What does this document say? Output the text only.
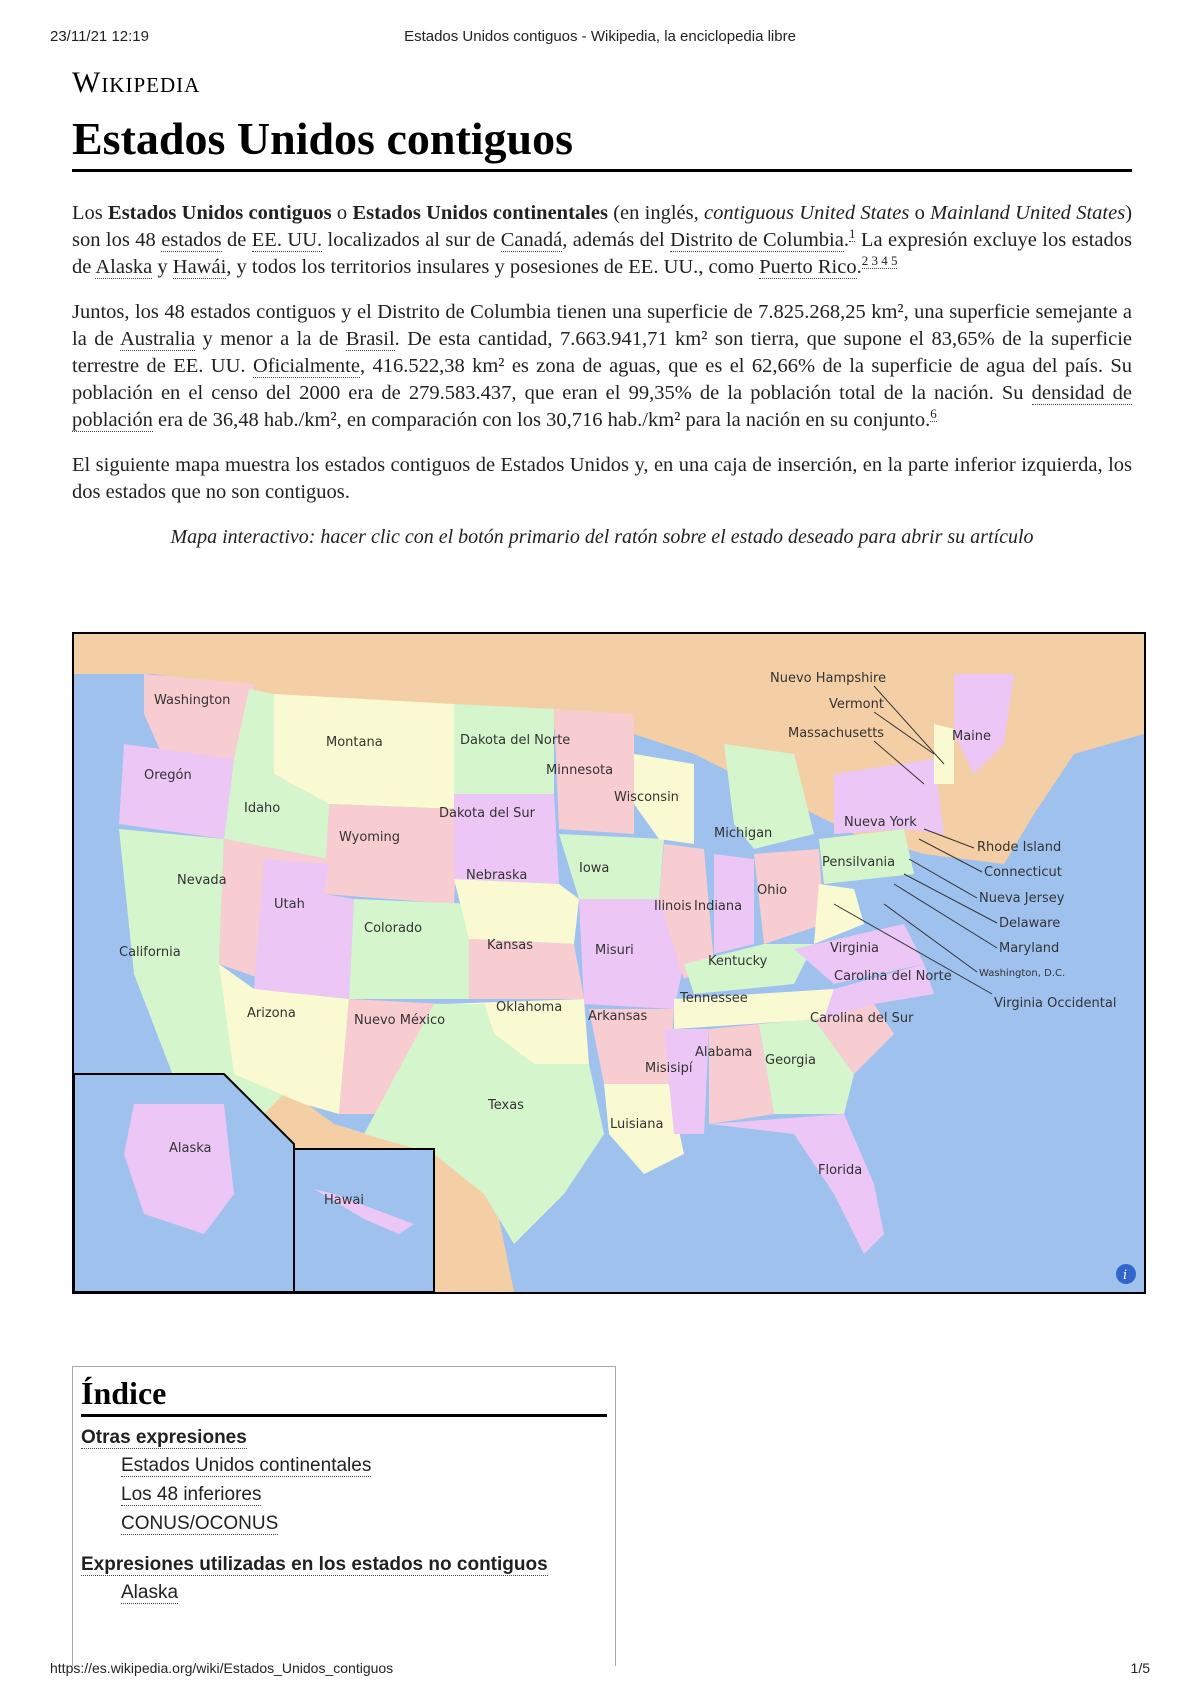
23/11/21 12:19	Estados Unidos contiguos - Wikipedia, la enciclopedia libre
Wikipedia
Estados Unidos contiguos

Los Estados Unidos contiguos o Estados Unidos continentales (en inglés, contiguous United States o Mainland United States) son los 48 estados de EE. UU. localizados al sur de Canadá, además del Distrito de Columbia.$^1$ La expresión excluye los estados de Alaska y Hawái, y todos los territorios insulares y posesiones de EE. UU., como Puerto Rico.$^{2 3 4 5}$

Juntos, los 48 estados contiguos y el Distrito de Columbia tienen una superficie de 7.825.268,25 km², una superficie semejante a la de Australia y menor a la de Brasil. De esta cantidad, 7.663.941,71 km² son tierra, que supone el 83,65% de la superficie terrestre de EE. UU. Oficialmente, 416.522,38 km² es zona de aguas, que es el 62,66% de la superficie de agua del país. Su población en el censo del 2000 era de 279.583.437, que eran el 99,35% de la población total de la nación. Su densidad de población era de 36,48 hab./km², en comparación con los 30,716 hab./km² para la nación en su conjunto.$^6$

El siguiente mapa muestra los estados contiguos de Estados Unidos y, en una caja de inserción, en la parte inferior izquierda, los dos estados que no son contiguos.

Mapa interactivo: hacer clic con el botón primario del ratón sobre el estado deseado para abrir su artículo
i
Washington
Oregón
California
Idaho
Nevada
Montana
Wyoming
Utah
Arizona
Colorado
Nuevo México
Dakota del Norte
Dakota del Sur
Nebraska
Kansas
Oklahoma
Texas
Minnesota
Iowa
Misuri
Arkansas
Luisiana
Wisconsin
Ilinois
Michigan
Indiana
Ohio
Kentucky
Tennessee
Misisipí
Alabama
Georgia
Florida
Carolina del Sur
Carolina del Norte
Virginia
Pensilvania
Nueva York
Maine
Nuevo Hampshire
Vermont
Massachusetts
Rhode Island
Connecticut
Nueva Jersey
Delaware
Maryland
Washington, D.C.
Virginia Occidental
Alaska
Hawai
Índice
Otras expresiones
Estados Unidos continentales
Los 48 inferiores
CONUS/OCONUS
Expresiones utilizadas en los estados no contiguos
Alaska
https://es.wikipedia.org/wiki/Estados_Unidos_contiguos	1/5
